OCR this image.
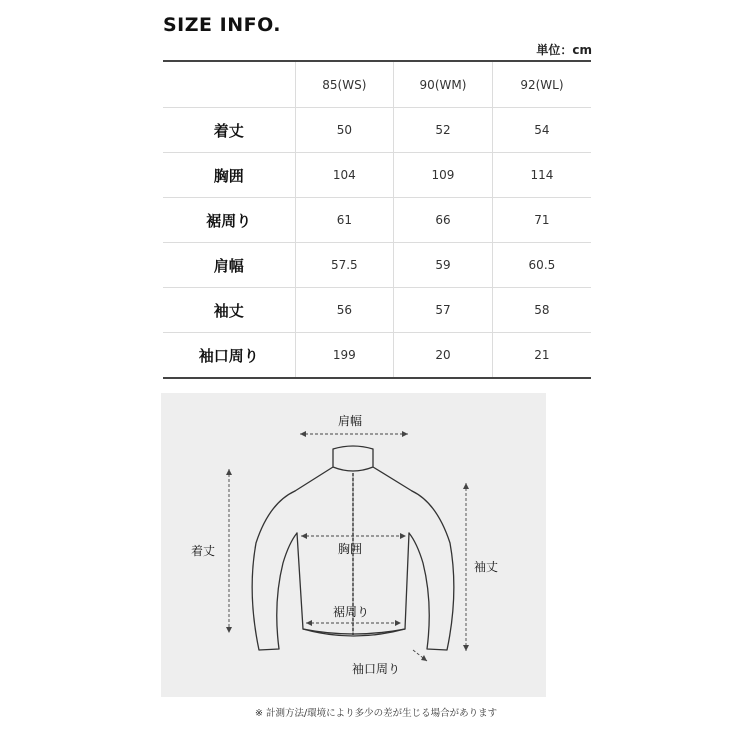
SIZE INFO.
単位：cm
	85(WS)	90(WM)	92(WL)
着丈	50	52	54
胸囲	104	109	114
裾周り	61	66	71
肩幅	57.5	59	60.5
袖丈	56	57	58
袖口周り	199	20	21
肩幅
着丈	胸囲
袖丈
裾周り
袖口周り
※ 計測方法/環境により多少の差が生じる場合があります
